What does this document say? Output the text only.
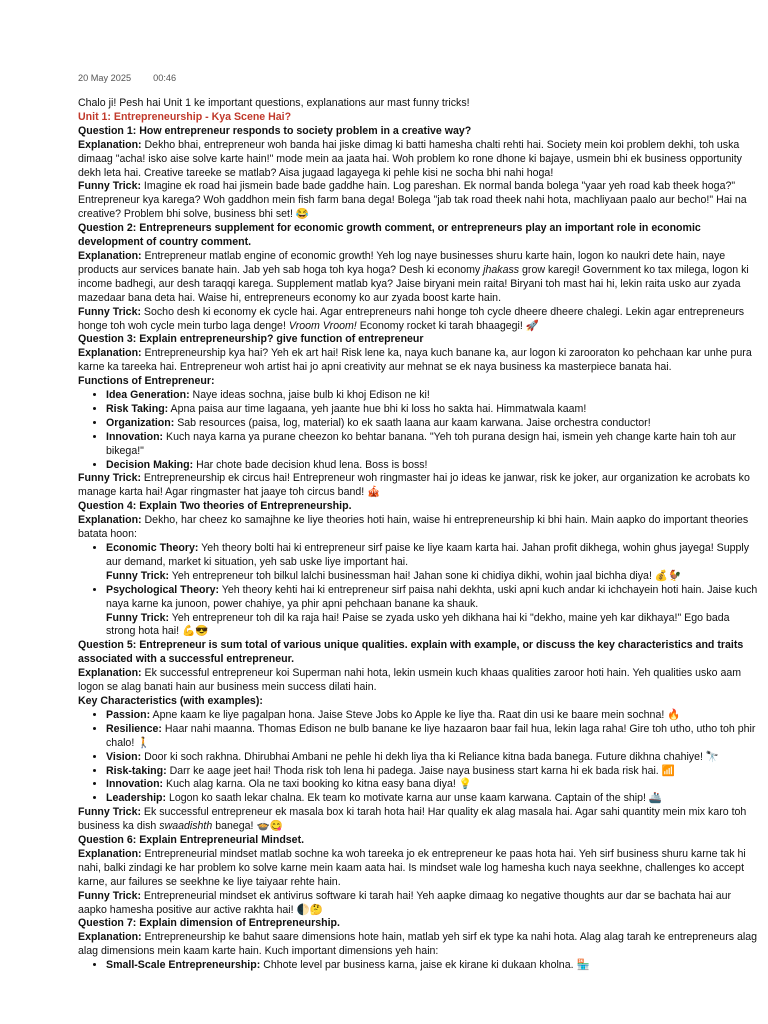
20 May 2025 00:46

Chalo ji! Pesh hai Unit 1 ke important questions, explanations aur mast funny tricks!

Unit 1: Entrepreneurship - Kya Scene Hai?

Question 1: How entrepreneur responds to society problem in a creative way?

Explanation: Dekho bhai, entrepreneur woh banda hai jiske dimag ki batti hamesha chalti rehti hai. Society mein koi problem dekhi, toh uska dimaag "acha! isko aise solve karte hain!" mode mein aa jaata hai. Woh problem ko rone dhone ki bajaye, usmein bhi ek business opportunity dekh leta hai. Creative tareeke se matlab? Aisa jugaad lagayega ki pehle kisi ne socha bhi nahi hoga!

Funny Trick: Imagine ek road hai jismein bade bade gaddhe hain. Log pareshan. Ek normal banda bolega "yaar yeh road kab theek hoga?" Entrepreneur kya karega? Woh gaddhon mein fish farm bana dega! Bolega "jab tak road theek nahi hota, machliyaan paalo aur becho!" Hai na creative? Problem bhi solve, business bhi set! 😂

Question 2: Entrepreneurs supplement for economic growth comment, or entrepreneurs play an important role in economic development of country comment.

Explanation: Entrepreneur matlab engine of economic growth! Yeh log naye businesses shuru karte hain, logon ko naukri dete hain, naye products aur services banate hain. Jab yeh sab hoga toh kya hoga? Desh ki economy jhakass grow karegi! Government ko tax milega, logon ki income badhegi, aur desh taraqqi karega. Supplement matlab kya? Jaise biryani mein raita! Biryani toh mast hai hi, lekin raita usko aur zyada mazedaar bana deta hai. Waise hi, entrepreneurs economy ko aur zyada boost karte hain.

Funny Trick: Socho desh ki economy ek cycle hai. Agar entrepreneurs nahi honge toh cycle dheere dheere chalegi. Lekin agar entrepreneurs honge toh woh cycle mein turbo laga denge! Vroom Vroom! Economy rocket ki tarah bhaagegi! 🚀

Question 3: Explain entrepreneurship? give function of entrepreneur

Explanation: Entrepreneurship kya hai? Yeh ek art hai! Risk lene ka, naya kuch banane ka, aur logon ki zarooraton ko pehchaan kar unhe pura karne ka tareeka hai. Entrepreneur woh artist hai jo apni creativity aur mehnat se ek naya business ka masterpiece banata hai.

Functions of Entrepreneur:

• Idea Generation: Naye ideas sochna, jaise bulb ki khoj Edison ne ki!
• Risk Taking: Apna paisa aur time lagaana, yeh jaante hue bhi ki loss ho sakta hai. Himmatwala kaam!
• Organization: Sab resources (paisa, log, material) ko ek saath laana aur kaam karwana. Jaise orchestra conductor!
• Innovation: Kuch naya karna ya purane cheezon ko behtar banana. "Yeh toh purana design hai, ismein yeh change karte hain toh aur bikega!"
• Decision Making: Har chote bade decision khud lena. Boss is boss!

Funny Trick: Entrepreneurship ek circus hai! Entrepreneur woh ringmaster hai jo ideas ke janwar, risk ke joker, aur organization ke acrobats ko manage karta hai! Agar ringmaster hat jaaye toh circus band! 🎪

Question 4: Explain Two theories of Entrepreneurship.

Explanation: Dekho, har cheez ko samajhne ke liye theories hoti hain, waise hi entrepreneurship ki bhi hain. Main aapko do important theories batata hoon:

• Economic Theory: Yeh theory bolti hai ki entrepreneur sirf paise ke liye kaam karta hai. Jahan profit dikhega, wohin ghus jayega! Supply aur demand, market ki situation, yeh sab uske liye important hai.

Funny Trick: Yeh entrepreneur toh bilkul lalchi businessman hai! Jahan sone ki chidiya dikhi, wohin jaal bichha diya! 💰🐓

• Psychological Theory: Yeh theory kehti hai ki entrepreneur sirf paisa nahi dekhta, uski apni kuch andar ki ichchayein hoti hain. Jaise kuch naya karne ka junoon, power chahiye, ya phir apni pehchaan banane ka shauk.

Funny Trick: Yeh entrepreneur toh dil ka raja hai! Paise se zyada usko yeh dikhana hai ki "dekho, maine yeh kar dikhaya!" Ego bada strong hota hai! 💪😎

Question 5: Entrepreneur is sum total of various unique qualities. explain with example, or discuss the key characteristics and traits associated with a successful entrepreneur.

Explanation: Ek successful entrepreneur koi Superman nahi hota, lekin usmein kuch khaas qualities zaroor hoti hain. Yeh qualities usko aam logon se alag banati hain aur business mein success dilati hain.

Key Characteristics (with examples):

• Passion: Apne kaam ke liye pagalpan hona. Jaise Steve Jobs ko Apple ke liye tha. Raat din usi ke baare mein sochna! 🔥
• Resilience: Haar nahi maanna. Thomas Edison ne bulb banane ke liye hazaaron baar fail hua, lekin laga raha! Gire toh utho, utho toh phir chalo! 🚶
• Vision: Door ki soch rakhna. Dhirubhai Ambani ne pehle hi dekh liya tha ki Reliance kitna bada banega. Future dikhna chahiye! 🔭
• Risk-taking: Darr ke aage jeet hai! Thoda risk toh lena hi padega. Jaise naya business start karna hi ek bada risk hai. 📶
• Innovation: Kuch alag karna. Ola ne taxi booking ko kitna easy bana diya! 💡
• Leadership: Logon ko saath lekar chalna. Ek team ko motivate karna aur unse kaam karwana. Captain of the ship! 🚢

Funny Trick: Ek successful entrepreneur ek masala box ki tarah hota hai! Har quality ek alag masala hai. Agar sahi quantity mein mix karo toh business ka dish swaadishth banega! 🍲😋

Question 6: Explain Entrepreneurial Mindset.

Explanation: Entrepreneurial mindset matlab sochne ka woh tareeka jo ek entrepreneur ke paas hota hai. Yeh sirf business shuru karne tak hi nahi, balki zindagi ke har problem ko solve karne mein kaam aata hai. Is mindset wale log hamesha kuch naya seekhne, challenges ko accept karne, aur failures se seekhne ke liye taiyaar rehte hain.

Funny Trick: Entrepreneurial mindset ek antivirus software ki tarah hai! Yeh aapke dimaag ko negative thoughts aur dar se bachata hai aur aapko hamesha positive aur active rakhta hai! 🌓🤔

Question 7: Explain dimension of Entrepreneurship.

Explanation: Entrepreneurship ke bahut saare dimensions hote hain, matlab yeh sirf ek type ka nahi hota. Alag alag tarah ke entrepreneurs alag alag dimensions mein kaam karte hain. Kuch important dimensions yeh hain:

• Small-Scale Entrepreneurship: Chhote level par business karna, jaise ek kirane ki dukaan kholna. 🏪
